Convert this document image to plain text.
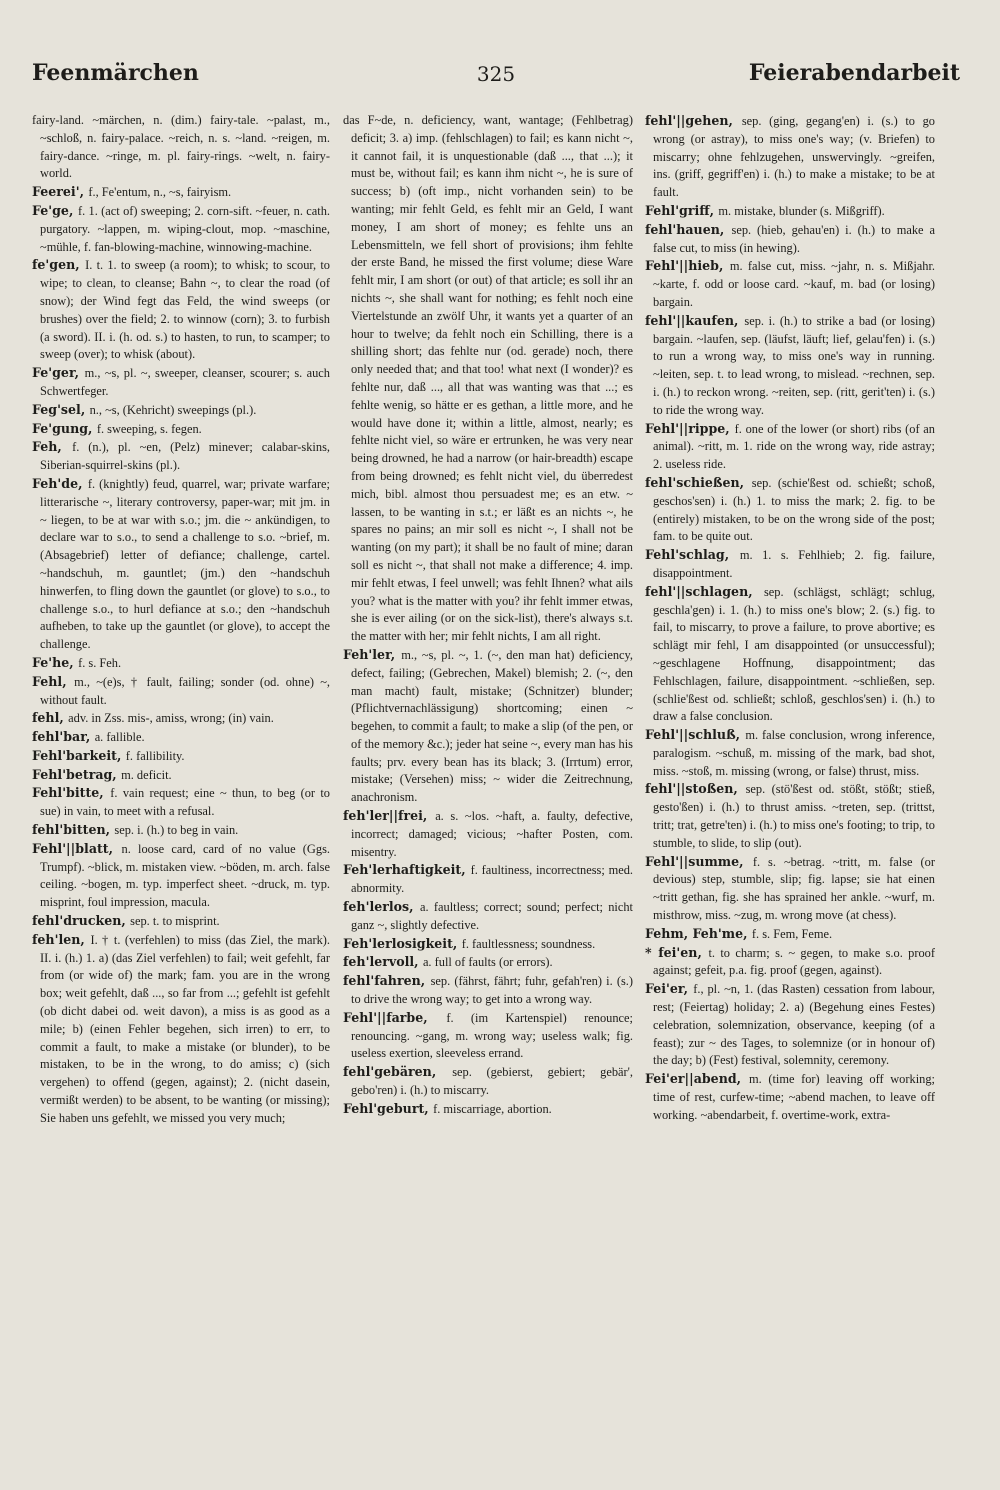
Feenmärchen	325	Feierabendarbeit

fairy-land. ~märchen, n. (dim.) fairy-tale. ~palast, m., ~schloß, n. fairy-palace. ~reich, n. s. ~land. ~reigen, m. fairy-dance. ~ringe, m. pl. fairy-rings. ~welt, n. fairy-world.

Feerei', f., Fe'entum, n., ~s, fairyism.

Fe'ge, f. 1. (act of) sweeping; 2. corn-sift. ~feuer, n. cath. purgatory. ~lappen, m. wiping-clout, mop. ~maschine, ~mühle, f. fan-blowing-machine, winnowing-machine.

fe'gen, I. t. 1. to sweep (a room); to whisk; to scour, to wipe; to clean, to cleanse; Bahn ~, to clear the road (of snow); der Wind fegt das Feld, the wind sweeps (or brushes) over the field; 2. to winnow (corn); 3. to furbish (a sword). II. i. (h. od. s.) to hasten, to run, to scamper; to sweep (over); to whisk (about).

Fe'ger, m., ~s, pl. ~, sweeper, cleanser, scourer; s. auch Schwertfeger.

Feg'sel, n., ~s, (Kehricht) sweepings (pl.).

Fe'gung, f. sweeping, s. fegen.

Feh, f. (n.), pl. ~en, (Pelz) minever; calabar-skins, Siberian-squirrel-skins (pl.).

Feh'de, f. (knightly) feud, quarrel, war; private warfare; litterarische ~, literary controversy, paper-war; mit jm. in ~ liegen, to be at war with s.o.; jm. die ~ ankündigen, to declare war to s.o., to send a challenge to s.o. ~brief, m. (Absagebrief) letter of defiance; challenge, cartel. ~handschuh, m. gauntlet; (jm.) den ~handschuh hinwerfen, to fling down the gauntlet (or glove) to s.o., to challenge s.o., to hurl defiance at s.o.; den ~handschuh aufheben, to take up the gauntlet (or glove), to accept the challenge.

Fe'he, f. s. Feh.

Fehl, m., ~(e)s, † fault, failing; sonder (od. ohne) ~, without fault.

fehl, adv. in Zss. mis-, amiss, wrong; (in) vain.

fehl'bar, a. fallible.

Fehl'barkeit, f. fallibility.

Fehl'betrag, m. deficit.

Fehl'bitte, f. vain request; eine ~ thun, to beg (or to sue) in vain, to meet with a refusal.

fehl'bitten, sep. i. (h.) to beg in vain.

Fehl'||blatt, n. loose card, card of no value (Ggs. Trumpf). ~blick, m. mistaken view. ~böden, m. arch. false ceiling. ~bogen, m. typ. imperfect sheet. ~druck, m. typ. misprint, foul impression, macula.

fehl'drucken, sep. t. to misprint.

feh'len, I. † t. (verfehlen) to miss (das Ziel, the mark). II. i. (h.) 1. a) (das Ziel verfehlen) to fail; weit gefehlt, far from (or wide of) the mark; fam. you are in the wrong box; weit gefehlt, daß ..., so far from ...; gefehlt ist gefehlt (ob dicht dabei od. weit davon), a miss is as good as a mile; b) (einen Fehler begehen, sich irren) to err, to commit a fault, to make a mistake (or blunder), to be mistaken, to be in the wrong, to do amiss; c) (sich vergehen) to offend (gegen, against); 2. (nicht dasein, vermißt werden) to be absent, to be wanting (or missing); Sie haben uns gefehlt, we missed you very much;

das F~de, n. deficiency, want, wantage; (Fehlbetrag) deficit; 3. a) imp. (fehlschlagen) to fail; es kann nicht ~, it cannot fail, it is unquestionable (daß ..., that ...); it must be, without fail; es kann ihm nicht ~, he is sure of success; b) (oft imp., nicht vorhanden sein) to be wanting; mir fehlt Geld, es fehlt mir an Geld, I want money, I am short of money; es fehlte uns an Lebensmitteln, we fell short of provisions; ihm fehlte der erste Band, he missed the first volume; diese Ware fehlt mir, I am short (or out) of that article; es soll ihr an nichts ~, she shall want for nothing; es fehlt noch eine Viertelstunde an zwölf Uhr, it wants yet a quarter of an hour to twelve; da fehlt noch ein Schilling, there is a shilling short; das fehlte nur (od. gerade) noch, there only needed that; and that too! what next (I wonder)? es fehlte nur, daß ..., all that was wanting was that ...; es fehlte wenig, so hätte er es gethan, a little more, and he would have done it; within a little, almost, nearly; es fehlte nicht viel, so wäre er ertrunken, he was very near being drowned, he had a narrow (or hair-breadth) escape from being drowned; es fehlt nicht viel, du überredest mich, bibl. almost thou persuadest me; es an etw. ~ lassen, to be wanting in s.t.; er läßt es an nichts ~, he spares no pains; an mir soll es nicht ~, I shall not be wanting (on my part); it shall be no fault of mine; daran soll es nicht ~, that shall not make a difference; 4. imp. mir fehlt etwas, I feel unwell; was fehlt Ihnen? what ails you? what is the matter with you? ihr fehlt immer etwas, she is ever ailing (or on the sick-list), there's always s.t. the matter with her; mir fehlt nichts, I am all right.

Feh'ler, m., ~s, pl. ~, 1. (~, den man hat) deficiency, defect, failing; (Gebrechen, Makel) blemish; 2. (~, den man macht) fault, mistake; (Schnitzer) blunder; (Pflichtvernachlässigung) shortcoming; einen ~ begehen, to commit a fault; to make a slip (of the pen, or of the memory &c.); jeder hat seine ~, every man has his faults; prv. every bean has its black; 3. (Irrtum) error, mistake; (Versehen) miss; ~ wider die Zeitrechnung, anachronism.

feh'ler||frei, a. s. ~los. ~haft, a. faulty, defective, incorrect; damaged; vicious; ~hafter Posten, com. misentry.

Feh'lerhaftigkeit, f. faultiness, incorrectness; med. abnormity.

feh'lerlos, a. faultless; correct; sound; perfect; nicht ganz ~, slightly defective.

Feh'lerlosigkeit, f. faultlessness; soundness.

feh'lervoll, a. full of faults (or errors).

fehl'fahren, sep. (fährst, fährt; fuhr, gefah'ren) i. (s.) to drive the wrong way; to get into a wrong way.

Fehl'||farbe, f. (im Kartenspiel) renounce; renouncing. ~gang, m. wrong way; useless walk; fig. useless exertion, sleeveless errand.

fehl'gebären, sep. (gebierst, gebiert; gebär', gebo'ren) i. (h.) to miscarry.

Fehl'geburt, f. miscarriage, abortion.

fehl'||gehen, sep. (ging, gegang'en) i. (s.) to go wrong (or astray), to miss one's way; (v. Briefen) to miscarry; ohne fehlzugehen, unswervingly. ~greifen, ins. (griff, gegriff'en) i. (h.) to make a mistake; to be at fault.

Fehl'griff, m. mistake, blunder (s. Mißgriff).

fehl'hauen, sep. (hieb, gehau'en) i. (h.) to make a false cut, to miss (in hewing).

Fehl'||hieb, m. false cut, miss. ~jahr, n. s. Mißjahr. ~karte, f. odd or loose card. ~kauf, m. bad (or losing) bargain.

fehl'||kaufen, sep. i. (h.) to strike a bad (or losing) bargain. ~laufen, sep. (läufst, läuft; lief, gelau'fen) i. (s.) to run a wrong way, to miss one's way in running. ~leiten, sep. t. to lead wrong, to mislead. ~rechnen, sep. i. (h.) to reckon wrong. ~reiten, sep. (ritt, gerit'ten) i. (s.) to ride the wrong way.

Fehl'||rippe, f. one of the lower (or short) ribs (of an animal). ~ritt, m. 1. ride on the wrong way, ride astray; 2. useless ride.

fehl'schießen, sep. (schie'ßest od. schießt; schoß, geschos'sen) i. (h.) 1. to miss the mark; 2. fig. to be (entirely) mistaken, to be on the wrong side of the post; fam. to be quite out.

Fehl'schlag, m. 1. s. Fehlhieb; 2. fig. failure, disappointment.

fehl'||schlagen, sep. (schlägst, schlägt; schlug, geschla'gen) i. 1. (h.) to miss one's blow; 2. (s.) fig. to fail, to miscarry, to prove a failure, to prove abortive; es schlägt mir fehl, I am disappointed (or unsuccessful); ~geschlagene Hoffnung, disappointment; das Fehlschlagen, failure, disappointment. ~schließen, sep. (schlie'ßest od. schließt; schloß, geschlos'sen) i. (h.) to draw a false conclusion.

Fehl'||schluß, m. false conclusion, wrong inference, paralogism. ~schuß, m. missing of the mark, bad shot, miss. ~stoß, m. missing (wrong, or false) thrust, miss.

fehl'||stoßen, sep. (stö'ßest od. stößt, stößt; stieß, gesto'ßen) i. (h.) to thrust amiss. ~treten, sep. (trittst, tritt; trat, getre'ten) i. (h.) to miss one's footing; to trip, to stumble, to slide, to slip (out).

Fehl'||summe, f. s. ~betrag. ~tritt, m. false (or devious) step, stumble, slip; fig. lapse; sie hat einen ~tritt gethan, fig. she has sprained her ankle. ~wurf, m. misthrow, miss. ~zug, m. wrong move (at chess).

Fehm, Feh'me, f. s. Fem, Feme.

* fei'en, t. to charm; s. ~ gegen, to make s.o. proof against; gefeit, p.a. fig. proof (gegen, against).

Fei'er, f., pl. ~n, 1. (das Rasten) cessation from labour, rest; (Feiertag) holiday; 2. a) (Begehung eines Festes) celebration, solemnization, observance, keeping (of a feast); zur ~ des Tages, to solemnize (or in honour of) the day; b) (Fest) festival, solemnity, ceremony.

Fei'er||abend, m. (time for) leaving off working; time of rest, curfew-time; ~abend machen, to leave off working. ~abendarbeit, f. overtime-work, extra-
